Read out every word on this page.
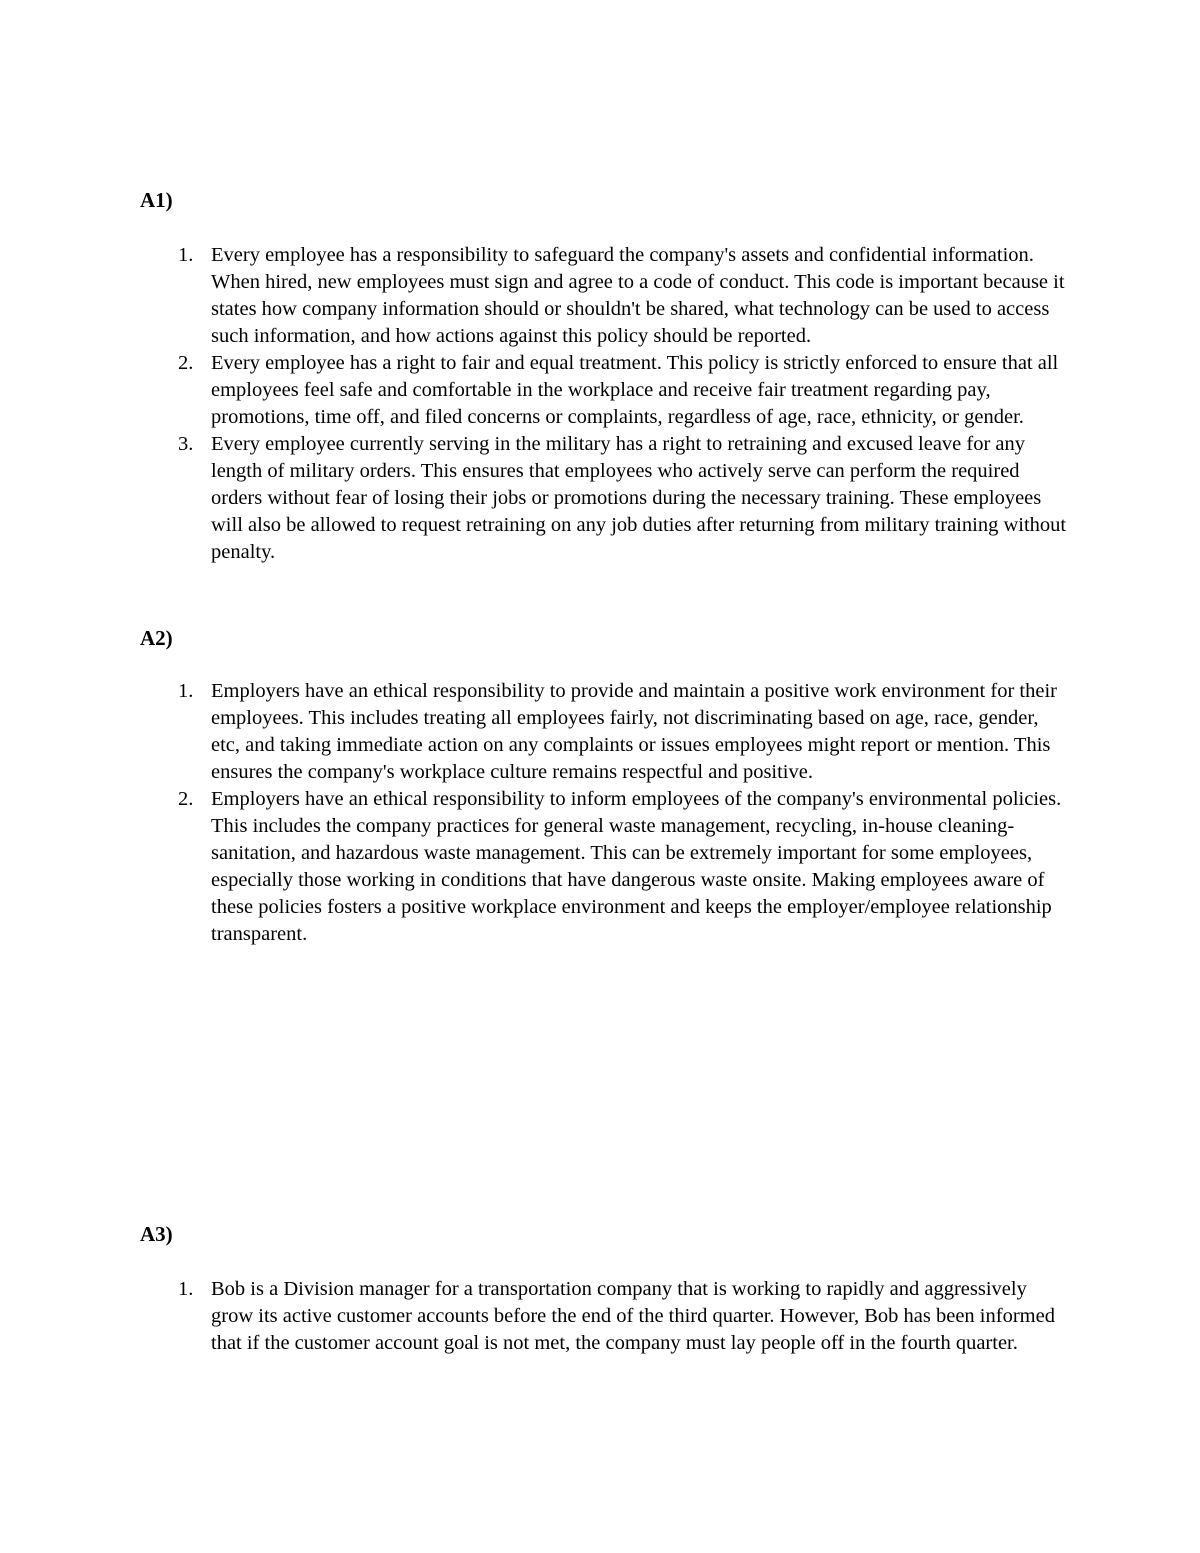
A1)

1. Every employee has a responsibility to safeguard the company's assets and confidential information. When hired, new employees must sign and agree to a code of conduct. This code is important because it states how company information should or shouldn't be shared, what technology can be used to access such information, and how actions against this policy should be reported.
2. Every employee has a right to fair and equal treatment. This policy is strictly enforced to ensure that all employees feel safe and comfortable in the workplace and receive fair treatment regarding pay, promotions, time off, and filed concerns or complaints, regardless of age, race, ethnicity, or gender.
3. Every employee currently serving in the military has a right to retraining and excused leave for any length of military orders. This ensures that employees who actively serve can perform the required orders without fear of losing their jobs or promotions during the necessary training. These employees will also be allowed to request retraining on any job duties after returning from military training without penalty.

A2)

1. Employers have an ethical responsibility to provide and maintain a positive work environment for their employees. This includes treating all employees fairly, not discriminating based on age, race, gender, etc, and taking immediate action on any complaints or issues employees might report or mention. This ensures the company's workplace culture remains respectful and positive.
2. Employers have an ethical responsibility to inform employees of the company's environmental policies. This includes the company practices for general waste management, recycling, in-house cleaning-sanitation, and hazardous waste management. This can be extremely important for some employees, especially those working in conditions that have dangerous waste onsite. Making employees aware of these policies fosters a positive workplace environment and keeps the employer/employee relationship transparent.

A3)

1. Bob is a Division manager for a transportation company that is working to rapidly and aggressively grow its active customer accounts before the end of the third quarter. However, Bob has been informed that if the customer account goal is not met, the company must lay people off in the fourth quarter.
